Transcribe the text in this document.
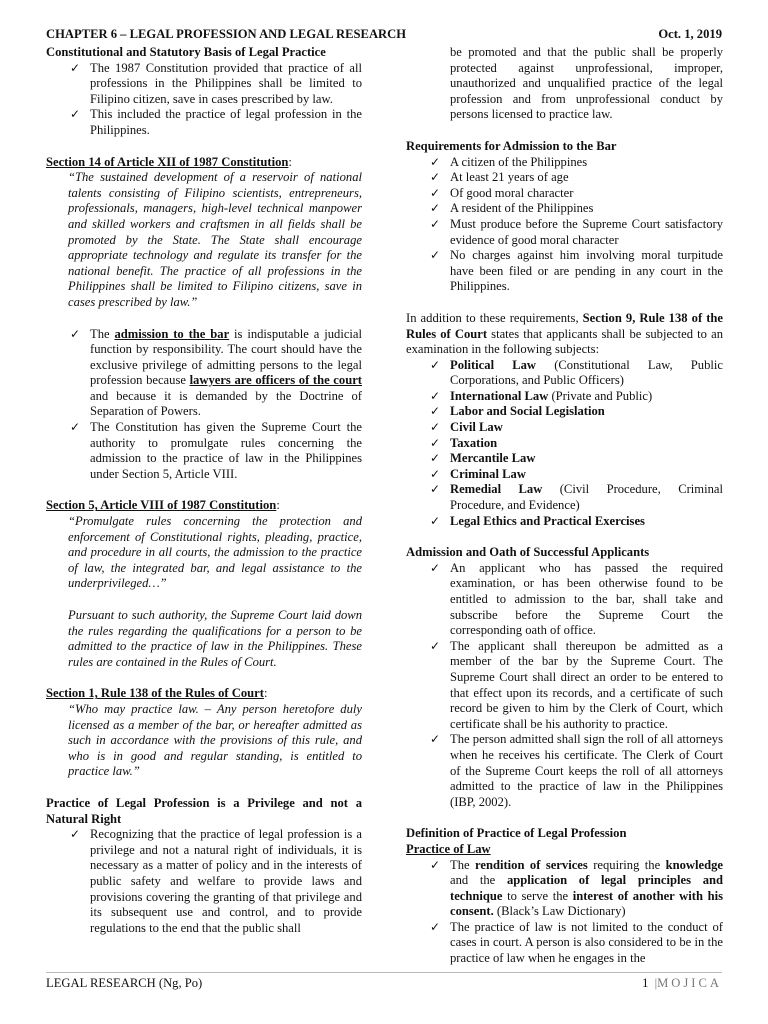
CHAPTER 6 – LEGAL PROFESSION AND LEGAL RESEARCH	Oct. 1, 2019

Constitutional and Statutory Basis of Legal Practice

✓ The 1987 Constitution provided that practice of all professions in the Philippines shall be limited to Filipino citizen, save in cases prescribed by law.
✓ This included the practice of legal profession in the Philippines.

Section 14 of Article XII of 1987 Constitution:

“The sustained development of a reservoir of national talents consisting of Filipino scientists, entrepreneurs, professionals, managers, high-level technical manpower and skilled workers and craftsmen in all fields shall be promoted by the State. The State shall encourage appropriate technology and regulate its transfer for the national benefit. The practice of all professions in the Philippines shall be limited to Filipino citizens, save in cases prescribed by law.”

✓ The admission to the bar is indisputable a judicial function by responsibility. The court should have the exclusive privilege of admitting persons to the legal profession because lawyers are officers of the court and because it is demanded by the Doctrine of Separation of Powers.
✓ The Constitution has given the Supreme Court the authority to promulgate rules concerning the admission to the practice of law in the Philippines under Section 5, Article VIII.

Section 5, Article VIII of 1987 Constitution:

“Promulgate rules concerning the protection and enforcement of Constitutional rights, pleading, practice, and procedure in all courts, the admission to the practice of law, the integrated bar, and legal assistance to the underprivileged…”

Pursuant to such authority, the Supreme Court laid down the rules regarding the qualifications for a person to be admitted to the practice of law in the Philippines. These rules are contained in the Rules of Court.

Section 1, Rule 138 of the Rules of Court:

“Who may practice law. – Any person heretofore duly licensed as a member of the bar, or hereafter admitted as such in accordance with the provisions of this rule, and who is in good and regular standing, is entitled to practice law.”

Practice of Legal Profession is a Privilege and not a Natural Right

✓ Recognizing that the practice of legal profession is a privilege and not a natural right of individuals, it is necessary as a matter of policy and in the interests of public safety and welfare to provide laws and provisions covering the granting of that privilege and its subsequent use and control, and to provide regulations to the end that the public shall

be promoted and that the public shall be properly protected against unprofessional, improper, unauthorized and unqualified practice of the legal profession and from unprofessional conduct by persons licensed to practice law.

Requirements for Admission to the Bar

✓ A citizen of the Philippines
✓ At least 21 years of age
✓ Of good moral character
✓ A resident of the Philippines
✓ Must produce before the Supreme Court satisfactory evidence of good moral character
✓ No charges against him involving moral turpitude have been filed or are pending in any court in the Philippines.

In addition to these requirements, Section 9, Rule 138 of the Rules of Court states that applicants shall be subjected to an examination in the following subjects:

✓ Political Law (Constitutional Law, Public Corporations, and Public Officers)
✓ International Law (Private and Public)
✓ Labor and Social Legislation
✓ Civil Law
✓ Taxation
✓ Mercantile Law
✓ Criminal Law
✓ Remedial Law (Civil Procedure, Criminal Procedure, and Evidence)
✓ Legal Ethics and Practical Exercises

Admission and Oath of Successful Applicants

✓ An applicant who has passed the required examination, or has been otherwise found to be entitled to admission to the bar, shall take and subscribe before the Supreme Court the corresponding oath of office.
✓ The applicant shall thereupon be admitted as a member of the bar by the Supreme Court. The Supreme Court shall direct an order to be entered to that effect upon its records, and a certificate of such record be given to him by the Clerk of Court, which certificate shall be his authority to practice.
✓ The person admitted shall sign the roll of all attorneys when he receives his certificate. The Clerk of Court of the Supreme Court keeps the roll of all attorneys admitted to the practice of law in the Philippines (IBP, 2002).

Definition of Practice of Legal Profession

Practice of Law

✓ The rendition of services requiring the knowledge and the application of legal principles and technique to serve the interest of another with his consent. (Black’s Law Dictionary)
✓ The practice of law is not limited to the conduct of cases in court. A person is also considered to be in the practice of law when he engages in the
LEGAL RESEARCH (Ng, Po)	1 |MOJICA
